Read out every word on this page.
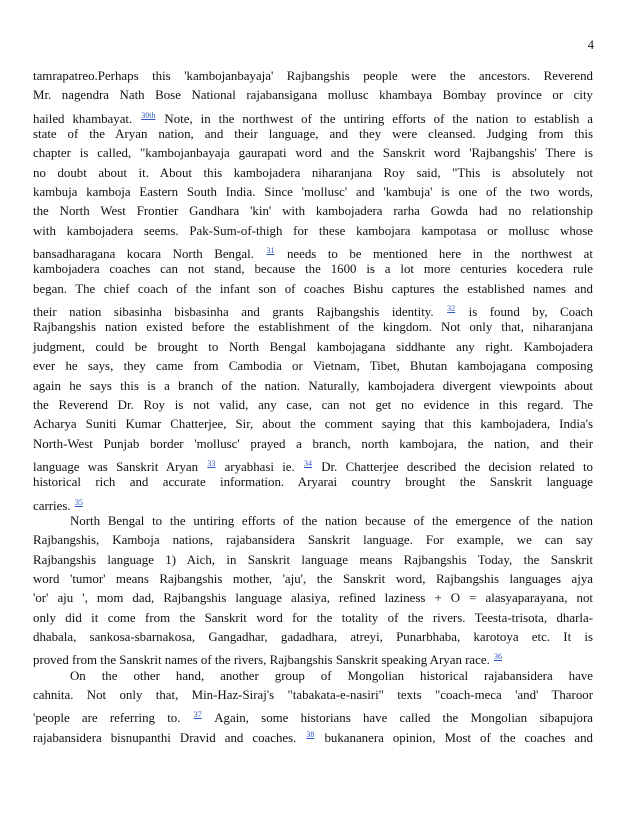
4
tamrapatreo.Perhaps this 'kambojanbayaja' Rajbangshis people were the ancestors. Reverend
Mr. nagendra Nath Bose National rajabansigana mollusc khambaya Bombay province or city
hailed khambayat. $^{30th}$ Note, in the northwest of the untiring efforts of the nation to establish a
state of the Aryan nation, and their language, and they were cleansed. Judging from this
chapter is called, "kambojanbayaja gaurapati word and the Sanskrit word 'Rajbangshis' There is
no doubt about it. About this kambojadera niharanjana Roy said, "This is absolutely not
kambuja kamboja Eastern South India. Since 'mollusc' and 'kambuja' is one of the two words,
the North West Frontier Gandhara 'kin' with kambojadera rarha Gowda had no relationship
with kambojadera seems. Pak-Sum-of-thigh for these kambojara kampotasa or mollusc whose
bansadharagana kocara North Bengal. $^{31}$ needs to be mentioned here in the northwest at
kambojadera coaches can not stand, because the 1600 is a lot more centuries kocedera rule
began. The chief coach of the infant son of coaches Bishu captures the established names and
their nation sibasinha bisbasinha and grants Rajbangshis identity. $^{32}$ is found by, Coach
Rajbangshis nation existed before the establishment of the kingdom. Not only that, niharanjana
judgment, could be brought to North Bengal kambojagana siddhante any right. Kambojadera
ever he says, they came from Cambodia or Vietnam, Tibet, Bhutan kambojagana composing
again he says this is a branch of the nation. Naturally, kambojadera divergent viewpoints about
the Reverend Dr. Roy is not valid, any case, can not get no evidence in this regard. The
Acharya Suniti Kumar Chatterjee, Sir, about the comment saying that this kambojadera, India's
North-West Punjab border 'mollusc' prayed a branch, north kambojara, the nation, and their
language was Sanskrit Aryan $^{33}$ aryabhasi ie. $^{34}$ Dr. Chatterjee described the decision related to
historical rich and accurate information. Aryarai country brought the Sanskrit language
carries. $^{35}$
North Bengal to the untiring efforts of the nation because of the emergence of the nation
Rajbangshis, Kamboja nations, rajabansidera Sanskrit language. For example, we can say
Rajbangshis language 1) Aich, in Sanskrit language means Rajbangshis Today, the Sanskrit
word 'tumor' means Rajbangshis mother, 'aju', the Sanskrit word, Rajbangshis languages ajya
'or' aju ', mom dad, Rajbangshis language alasiya, refined laziness + O = alasyaparayana, not
only did it come from the Sanskrit word for the totality of the rivers. Teesta-trisota, dharla-
dhabala, sankosa-sbarnakosa, Gangadhar, gadadhara, atreyi, Punarbhaba, karotoya etc. It is
proved from the Sanskrit names of the rivers, Rajbangshis Sanskrit speaking Aryan race. $^{36}$
On the other hand, another group of Mongolian historical rajabansidera have
cahnita. Not only that, Min-Haz-Siraj's "tabakata-e-nasiri" texts "coach-meca 'and' Tharoor
'people are referring to. $^{37}$ Again, some historians have called the Mongolian sibapujora
rajabansidera bisnupanthi Dravid and coaches. $^{38}$ bukananera opinion, Most of the coaches and
